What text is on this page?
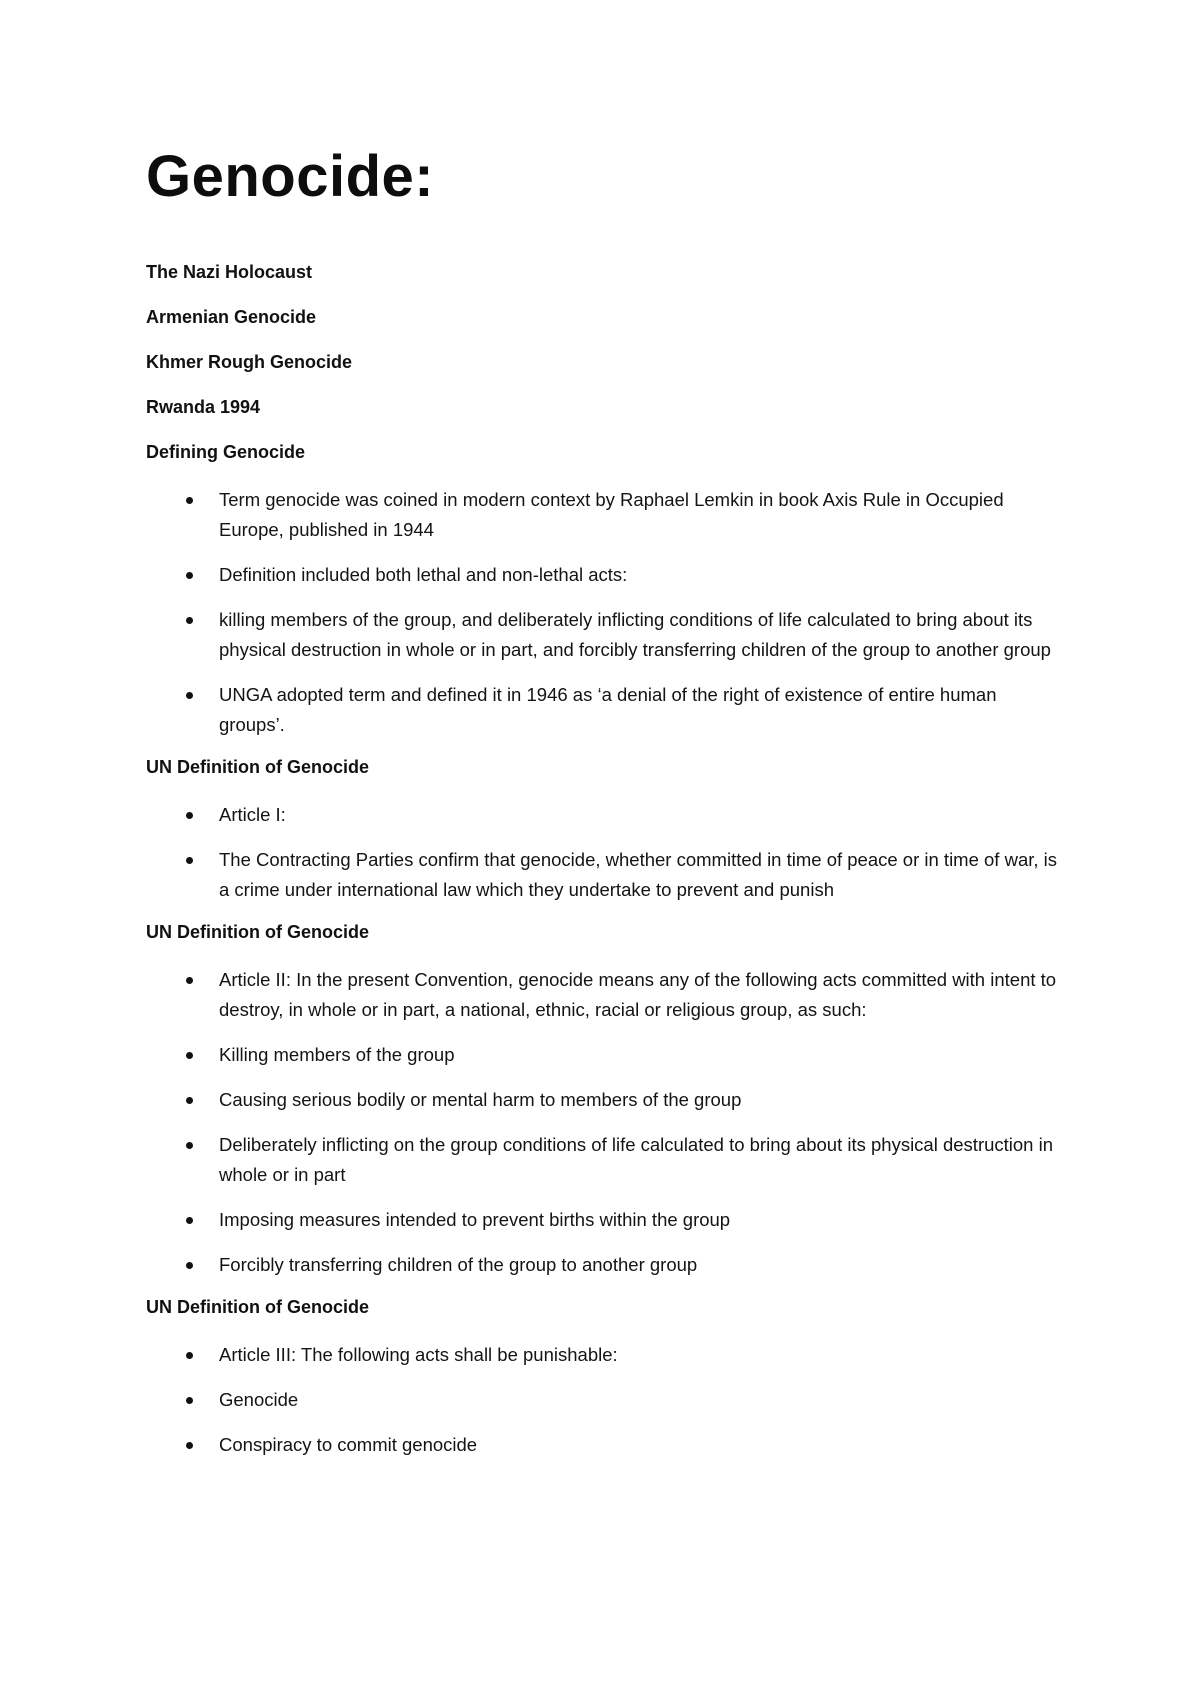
Genocide:
The Nazi Holocaust
Armenian Genocide
Khmer Rough Genocide
Rwanda 1994
Defining Genocide
Term genocide was coined in modern context by Raphael Lemkin in book Axis Rule in Occupied Europe, published in 1944
Definition included both lethal and non-lethal acts:
killing members of the group, and deliberately inflicting conditions of life calculated to bring about its physical destruction in whole or in part, and forcibly transferring children of the group to another group
UNGA adopted term and defined it in 1946 as ‘a denial of the right of existence of entire human groups’.
UN Definition of Genocide
Article I:
The Contracting Parties confirm that genocide, whether committed in time of peace or in time of war, is a crime under international law which they undertake to prevent and punish
UN Definition of Genocide
Article II: In the present Convention, genocide means any of the following acts committed with intent to destroy, in whole or in part, a national, ethnic, racial or religious group, as such:
Killing members of the group
Causing serious bodily or mental harm to members of the group
Deliberately inflicting on the group conditions of life calculated to bring about its physical destruction in whole or in part
Imposing measures intended to prevent births within the group
Forcibly transferring children of the group to another group
UN Definition of Genocide
Article III: The following acts shall be punishable:
Genocide
Conspiracy to commit genocide
